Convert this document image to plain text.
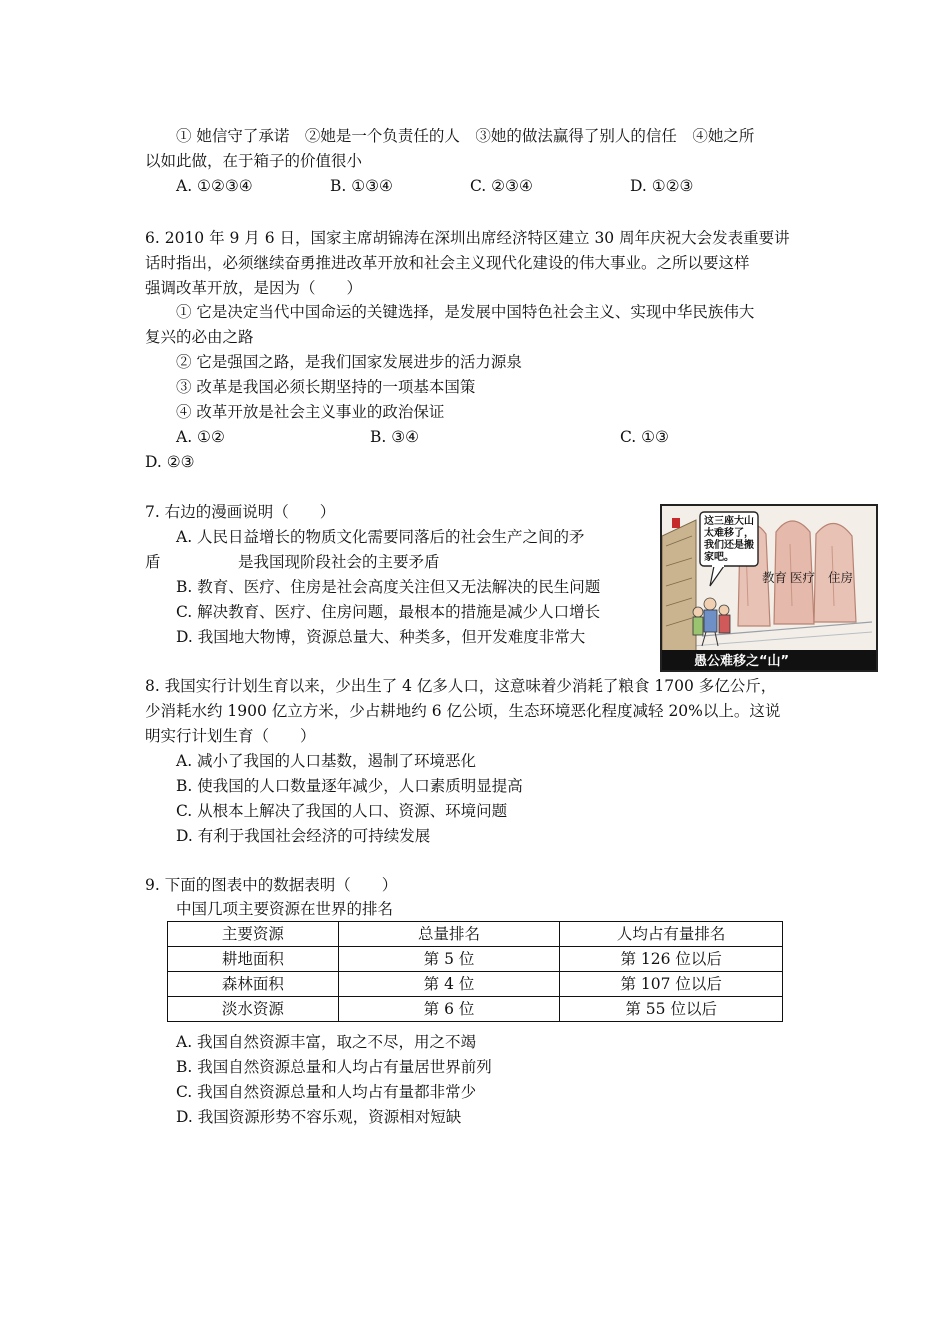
① 她信守了承诺　②她是一个负责任的人　③她的做法赢得了别人的信任　④她之所
以如此做，在于箱子的价值很小
A. ①②③④	B. ①③④	C. ②③④	D. ①②③
6. 2010 年 9 月 6 日，国家主席胡锦涛在深圳出席经济特区建立 30 周年庆祝大会发表重要讲
话时指出，必须继续奋勇推进改革开放和社会主义现代化建设的伟大事业。之所以要这样
强调改革开放，是因为（　　）
① 它是决定当代中国命运的关键选择，是发展中国特色社会主义、实现中华民族伟大
复兴的必由之路
② 它是强国之路，是我们国家发展进步的活力源泉
③ 改革是我国必须长期坚持的一项基本国策
④ 改革开放是社会主义事业的政治保证
A. ①②	B. ③④	C. ①③
D. ②③
7. 右边的漫画说明（　　）
A. 人民日益增长的物质文化需要同落后的社会生产之间的矛
盾	是我国现阶段社会的主要矛盾
B. 教育、医疗、住房是社会高度关注但又无法解决的民生问题
C. 解决教育、医疗、住房问题，最根本的措施是减少人口增长
D. 我国地大物博，资源总量大、种类多，但开发难度非常大
这三座大山
太难移了，
我们还是搬
家吧。
教育 医疗 住房
愚公难移之“山”
8. 我国实行计划生育以来，少出生了 4 亿多人口，这意味着少消耗了粮食 1700 多亿公斤，
少消耗水约 1900 亿立方米，少占耕地约 6 亿公顷，生态环境恶化程度减轻 20%以上。这说
明实行计划生育（　　）
A. 减小了我国的人口基数，遏制了环境恶化
B. 使我国的人口数量逐年减少，人口素质明显提高
C. 从根本上解决了我国的人口、资源、环境问题
D. 有利于我国社会经济的可持续发展
9. 下面的图表中的数据表明（　　）
中国几项主要资源在世界的排名
主要资源	总量排名	人均占有量排名
耕地面积	第 5 位	第 126 位以后
森林面积	第 4 位	第 107 位以后
淡水资源	第 6 位	第 55 位以后
A. 我国自然资源丰富，取之不尽，用之不竭
B. 我国自然资源总量和人均占有量居世界前列
C. 我国自然资源总量和人均占有量都非常少
D. 我国资源形势不容乐观，资源相对短缺
